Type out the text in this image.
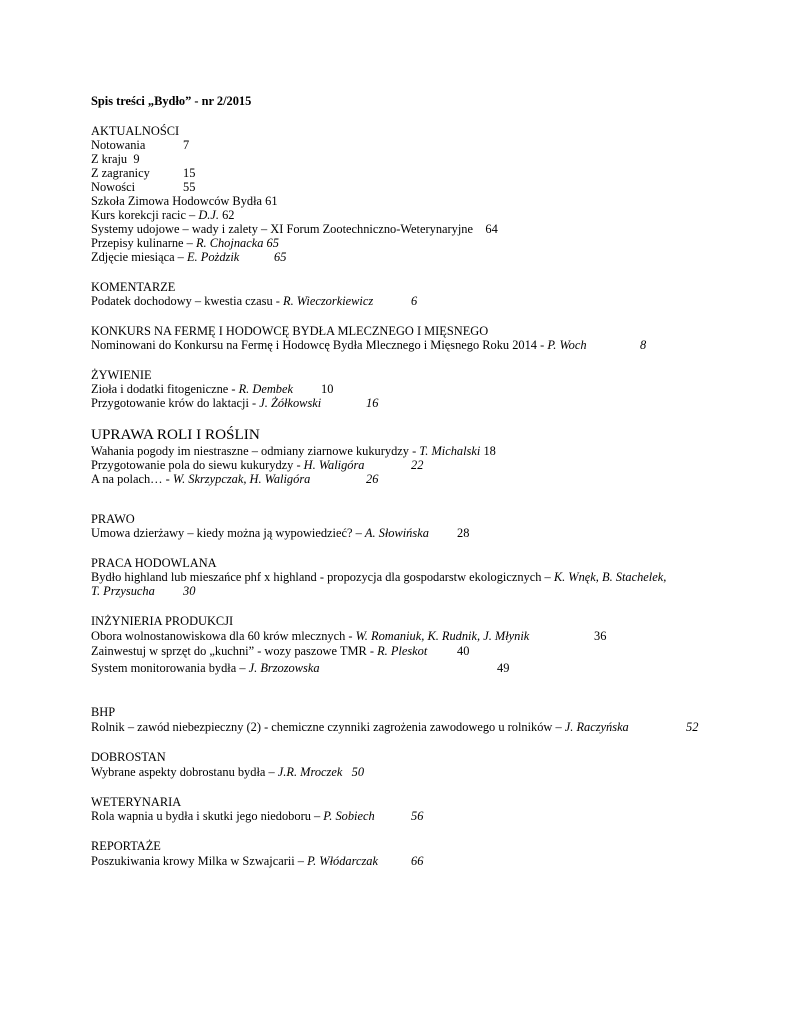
Spis treści „Bydło” - nr 2/2015
AKTUALNOŚCI
Notowania	7
Z kraju 9
Z zagranicy	15
Nowości	55
Szkoła Zimowa Hodowców Bydła 61
Kurs korekcji racic – D.J. 62
Systemy udojowe – wady i zalety – XI Forum Zootechniczno-Weterynaryjne 64
Przepisy kulinarne – R. Chojnacka 65
Zdjęcie miesiąca – E. Pożdzik	65
KOMENTARZE
Podatek dochodowy – kwestia czasu - R. Wieczorkiewicz	6
KONKURS NA FERMĘ I HODOWCĘ BYDŁA MLECZNEGO I MIĘSNEGO
Nominowani do Konkursu na Fermę i Hodowcę Bydła Mlecznego i Mięsnego Roku 2014 - P. Woch	8
ŻYWIENIE
Zioła i dodatki fitogeniczne - R. Dembek 10
Przygotowanie krów do laktacji - J. Żółkowski	16
UPRAWA ROLI I ROŚLIN
Wahania pogody im niestraszne – odmiany ziarnowe kukurydzy - T. Michalski 18
Przygotowanie pola do siewu kukurydzy - H. Waligóra	22
A na polach… - W. Skrzypczak, H. Waligóra	26
PRAWO
Umowa dzierżawy – kiedy można ją wypowiedzieć? – A. Słowińska 28
PRACA HODOWLANA
Bydło highland lub mieszańce phf x highland - propozycja dla gospodarstw ekologicznych – K. Wnęk, B. Stachelek,
T. Przysucha 30
INŻYNIERIA PRODUKCJI
Obora wolnostanowiskowa dla 60 krów mlecznych - W. Romaniuk, K. Rudnik, J. Młynik	36
Zainwestuj w sprzęt do „kuchni” - wozy paszowe TMR - R. Pleskot 40
System monitorowania bydła – J. Brzozowska	49
BHP
Rolnik – zawód niebezpieczny (2) - chemiczne czynniki zagrożenia zawodowego u rolników – J. Raczyńska	52
DOBROSTAN
Wybrane aspekty dobrostanu bydła – J.R. Mroczek 50
WETERYNARIA
Rola wapnia u bydła i skutki jego niedoboru – P. Sobiech	56
REPORTAŻE
Poszukiwania krowy Milka w Szwajcarii – P. Włódarczak	66
